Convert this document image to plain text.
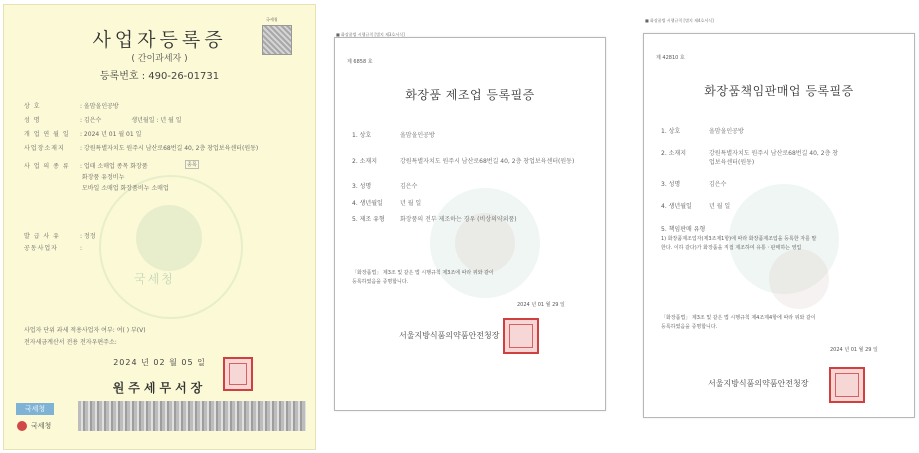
국세청
사업자등록증
( 간이과세자 )
등록번호 : 490-26-01731
국세청
상 호	: 올맘올인공방
성 명	: 김은수	생년월일 : 년 월 일
개 업 연 월 일 : 2024 년 01 월 01 일
사업장소재지	: 강원특별자치도 원주시 남산로68번길 40, 2층 창업보육센터(원동)
사 업 의 종 류 : 업태 소매업 종목 화장품	종목
화장품 유정비누
모바일 소매업 화장품비누 소매업
발 급 사 유	: 정정
공동사업자	:
사업자 단위 과세 적용사업자 여부: 여( ) 부(V)
전자세금계산서 전용 전자우편주소:
2024 년 02 월 05 일
원주세무서장
국세청
국세청
■ 화장품법 시행규칙 [별지 제3호서식]
제 6858 호
화장품 제조업 등록필증
1. 상호	올맘올인공방
2. 소재지	강원특별자치도 원주시 남산로68번길 40, 2층 창업보육센터(원동)
3. 성명	김은수
4. 생년월일	년 월 일
5. 제조 유형	화장품의 전부 제조하는 경우 (비상의약외품)
「화장품법」 제3조 및 같은 법 시행규칙 제3조에 따라 위와 같이
등록하였음을 증명합니다.
2024 년 01 월 29 일
서울지방식품의약품안전청장
■ 화장품법 시행규칙 [별지 제4호서식]
제 42810 호
화장품책임판매업 등록필증
1. 상호	올맘올인공방
2. 소재지	강원특별자치도 원주시 남산로68번길 40, 2층 창
업보육센터(원동)
3. 성명	김은수
4. 생년월일	년 월 일
5. 책임판매 유형
1) 화장품제조업자(제3조제1항)에 따라 화장품제조업을 등록한 자를 말
한다. 이하 같다)가 화장품을 직접 제조하여 유통ㆍ판매하는 영업
「화장품법」 제3조 및 같은 법 시행규칙 제4조제4항에 따라 위와 같이
등록하였음을 증명합니다.
2024 년 01 월 29 일
서울지방식품의약품안전청장
